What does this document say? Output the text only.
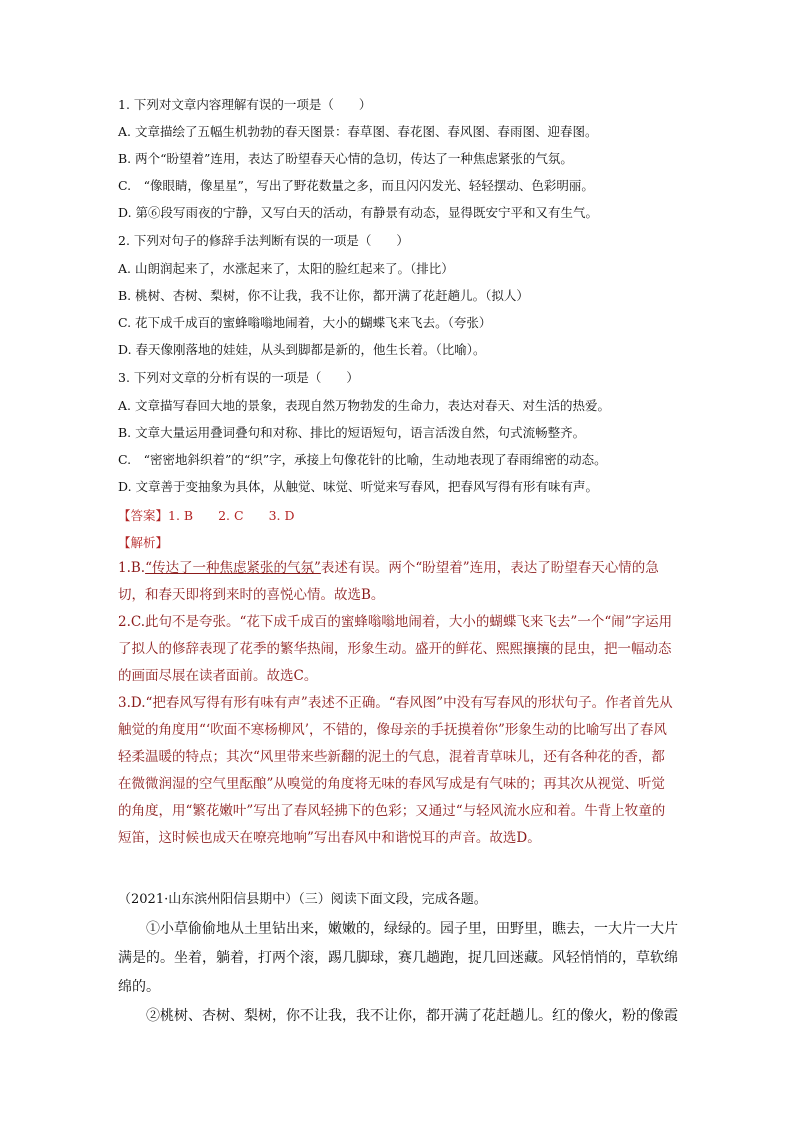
1. 下列对文章内容理解有误的一项是（　　）
A. 文章描绘了五幅生机勃勃的春天图景：春草图、春花图、春风图、春雨图、迎春图。
B. 两个“盼望着”连用，表达了盼望春天心情的急切，传达了一种焦虑紧张的气氛。
C.　“像眼睛，像星星”，写出了野花数量之多，而且闪闪发光、轻轻摆动、色彩明丽。
D. 第⑥段写雨夜的宁静，又写白天的活动，有静景有动态，显得既安宁平和又有生气。
2. 下列对句子的修辞手法判断有误的一项是（　　）
A. 山朗润起来了，水涨起来了，太阳的脸红起来了。（排比）
B. 桃树、杏树、梨树，你不让我，我不让你，都开满了花赶趟儿。（拟人）
C. 花下成千成百的蜜蜂嗡嗡地闹着，大小的蝴蝶飞来飞去。（夸张）
D. 春天像刚落地的娃娃，从头到脚都是新的，他生长着。（比喻）。
3. 下列对文章的分析有误的一项是（　　）
A. 文章描写春回大地的景象，表现自然万物勃发的生命力，表达对春天、对生活的热爱。
B. 文章大量运用叠词叠句和对称、排比的短语短句，语言活泼自然，句式流畅整齐。
C.　“密密地斜织着”的“织”字，承接上句像花针的比喻，生动地表现了春雨绵密的动态。
D. 文章善于变抽象为具体，从触觉、味觉、听觉来写春风，把春风写得有形有味有声。
【答案】1. B　　2. C　　3. D
【解析】

1.B.“传达了一种焦虑紧张的气氛”表述有误。两个“盼望着”连用，表达了盼望春天心情的急切，和春天即将到来时的喜悦心情。故选B。

2.C.此句不是夸张。“花下成千成百的蜜蜂嗡嗡地闹着，大小的蝴蝶飞来飞去”一个“闹”字运用了拟人的修辞表现了花季的繁华热闹，形象生动。盛开的鲜花、熙熙攘攘的昆虫，把一幅动态的画面尽展在读者面前。故选C。

3.D.“把春风写得有形有味有声”表述不正确。“春风图”中没有写春风的形状句子。作者首先从触觉的角度用“‘吹面不寒杨柳风’，不错的，像母亲的手抚摸着你”形象生动的比喻写出了春风轻柔温暖的特点；其次“风里带来些新翻的泥土的气息，混着青草味儿，还有各种花的香，都在微微润湿的空气里酝酿”从嗅觉的角度将无味的春风写成是有气味的；再其次从视觉、听觉的角度，用“繁花嫩叶”写出了春风轻拂下的色彩；又通过“与轻风流水应和着。牛背上牧童的短笛，这时候也成天在嘹亮地响”写出春风中和谐悦耳的声音。故选D。

（2021·山东滨州阳信县期中）（三）阅读下面文段，完成各题。

①小草偷偷地从土里钻出来，嫩嫩的，绿绿的。园子里，田野里，瞧去，一大片一大片满是的。坐着，躺着，打两个滚，踢几脚球，赛几趟跑，捉几回迷藏。风轻悄悄的，草软绵绵的。

②桃树、杏树、梨树，你不让我，我不让你，都开满了花赶趟儿。红的像火，粉的像霞
